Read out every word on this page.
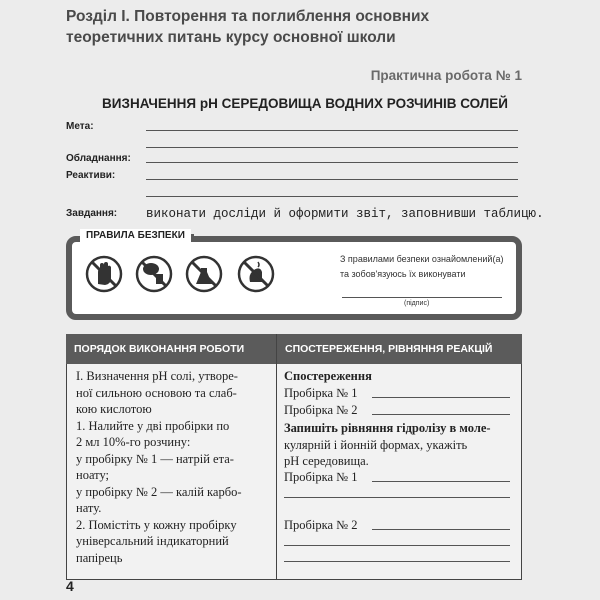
Розділ І. Повторення та поглиблення основних
теоретичних питань курсу основної школи
Практична робота № 1
ВИЗНАЧЕННЯ pH СЕРЕДОВИЩА ВОДНИХ РОЗЧИНІВ СОЛЕЙ
Мета:
Обладнання:
Реактиви:
Завдання: виконати досліди й оформити звіт, заповнивши таблицю.
ПРАВИЛА БЕЗПЕКИ
З правилами безпеки ознайомлений(а)
та зобов'язуюсь їх виконувати
(підпис)
ПОРЯДОК ВИКОНАННЯ РОБОТИ	СПОСТЕРЕЖЕННЯ, РІВНЯННЯ РЕАКЦІЙ
І. Визначення pH солі, утворе-
ної сильною основою та слаб-
кою кислотою
1. Налийте у дві пробірки по
2 мл 10%-го розчину:
у пробірку № 1 — натрій ета-
ноату;
у пробірку № 2 — калій карбо-
нату.
2. Помістіть у кожну пробірку
універсальний індикаторний
папірець
Спостереження
Пробірка № 1
Пробірка № 2
Запишіть рівняння гідролізу в моле-
кулярній і йонній формах, укажіть
pH середовища.
Пробірка № 1
Пробірка № 2
4
